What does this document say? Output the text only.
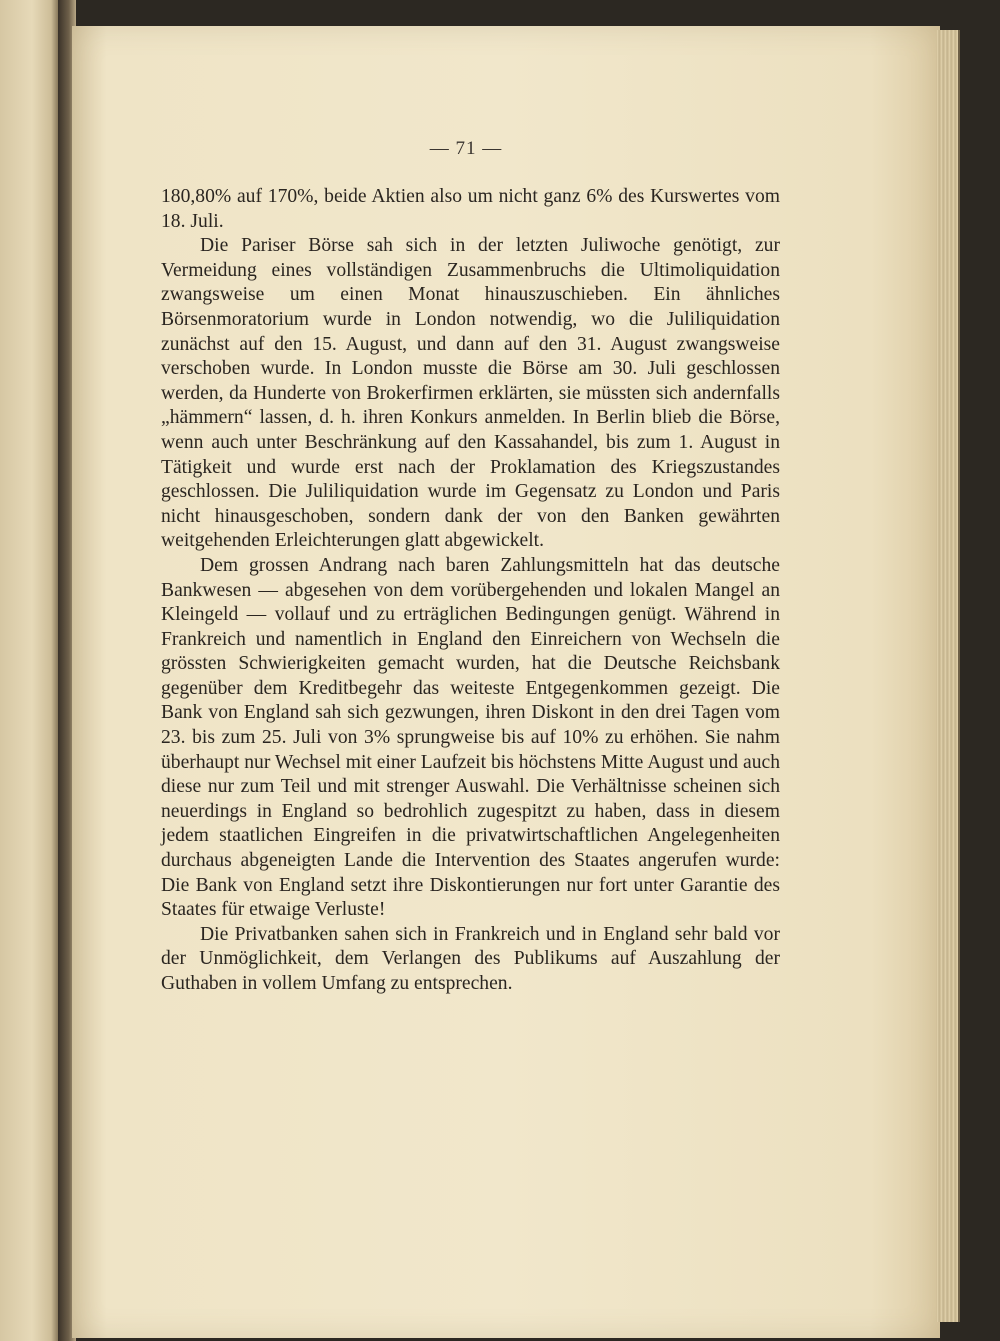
— 71 —

180,80% auf 170%, beide Aktien also um nicht ganz 6% des Kurswertes vom 18. Juli.

Die Pariser Börse sah sich in der letzten Juliwoche genötigt, zur Vermeidung eines vollständigen Zusammenbruchs die Ultimoliquidation zwangsweise um einen Monat hinauszuschieben. Ein ähnliches Börsenmoratorium wurde in London notwendig, wo die Juliliquidation zunächst auf den 15. August, und dann auf den 31. August zwangsweise verschoben wurde. In London musste die Börse am 30. Juli geschlossen werden, da Hunderte von Brokerfirmen erklärten, sie müssten sich andernfalls „hämmern“ lassen, d. h. ihren Konkurs anmelden. In Berlin blieb die Börse, wenn auch unter Beschränkung auf den Kassahandel, bis zum 1. August in Tätigkeit und wurde erst nach der Proklamation des Kriegszustandes geschlossen. Die Juliliquidation wurde im Gegensatz zu London und Paris nicht hinausgeschoben, sondern dank der von den Banken gewährten weitgehenden Erleichterungen glatt abgewickelt.

Dem grossen Andrang nach baren Zahlungsmitteln hat das deutsche Bankwesen — abgesehen von dem vorübergehenden und lokalen Mangel an Kleingeld — vollauf und zu erträglichen Bedingungen genügt. Während in Frankreich und namentlich in England den Einreichern von Wechseln die grössten Schwierigkeiten gemacht wurden, hat die Deutsche Reichsbank gegenüber dem Kreditbegehr das weiteste Entgegenkommen gezeigt. Die Bank von England sah sich gezwungen, ihren Diskont in den drei Tagen vom 23. bis zum 25. Juli von 3% sprungweise bis auf 10% zu erhöhen. Sie nahm überhaupt nur Wechsel mit einer Laufzeit bis höchstens Mitte August und auch diese nur zum Teil und mit strenger Auswahl. Die Verhältnisse scheinen sich neuerdings in England so bedrohlich zugespitzt zu haben, dass in diesem jedem staatlichen Eingreifen in die privatwirtschaftlichen Angelegenheiten durchaus abgeneigten Lande die Intervention des Staates angerufen wurde: Die Bank von England setzt ihre Diskontierungen nur fort unter Garantie des Staates für etwaige Verluste!

Die Privatbanken sahen sich in Frankreich und in England sehr bald vor der Unmöglichkeit, dem Verlangen des Publikums auf Auszahlung der Guthaben in vollem Umfang zu entsprechen.
